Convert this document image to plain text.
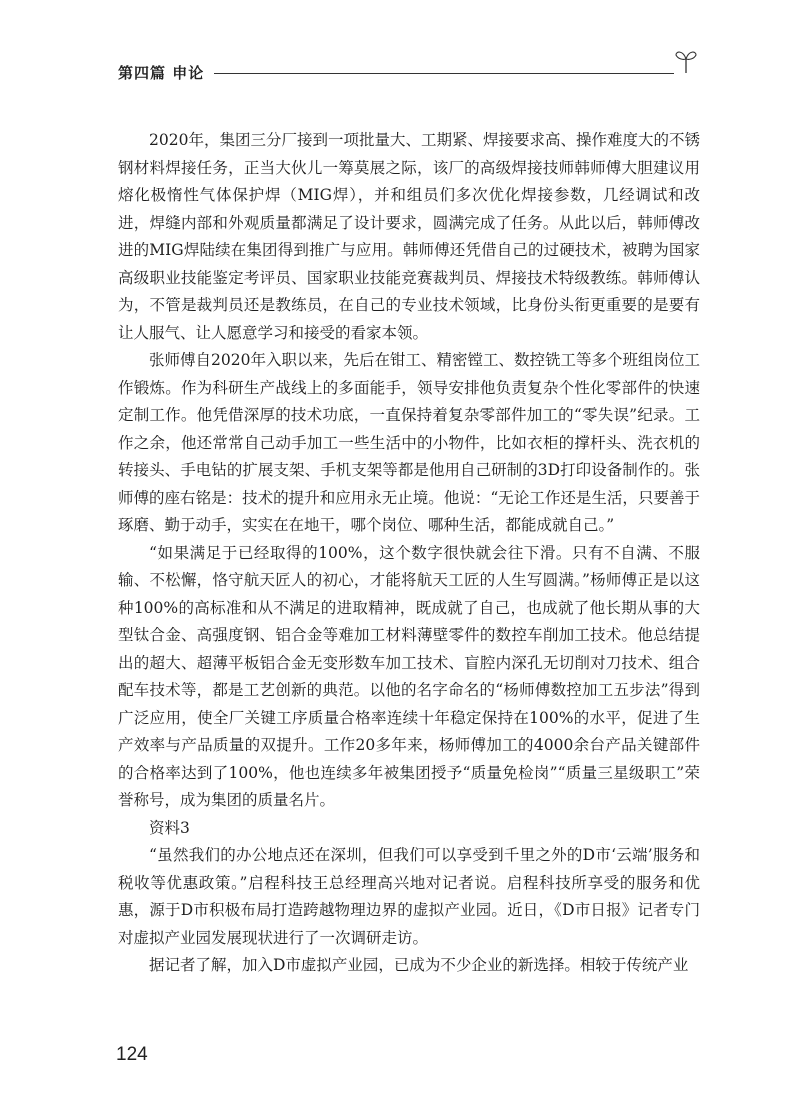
第四篇 申论

2020年，集团三分厂接到一项批量大、工期紧、焊接要求高、操作难度大的不锈钢材料焊接任务，正当大伙儿一筹莫展之际，该厂的高级焊接技师韩师傅大胆建议用熔化极惰性气体保护焊（MIG焊），并和组员们多次优化焊接参数，几经调试和改进，焊缝内部和外观质量都满足了设计要求，圆满完成了任务。从此以后，韩师傅改进的MIG焊陆续在集团得到推广与应用。韩师傅还凭借自己的过硬技术，被聘为国家高级职业技能鉴定考评员、国家职业技能竞赛裁判员、焊接技术特级教练。韩师傅认为，不管是裁判员还是教练员，在自己的专业技术领域，比身份头衔更重要的是要有让人服气、让人愿意学习和接受的看家本领。

张师傅自2020年入职以来，先后在钳工、精密镗工、数控铣工等多个班组岗位工作锻炼。作为科研生产战线上的多面能手，领导安排他负责复杂个性化零部件的快速定制工作。他凭借深厚的技术功底，一直保持着复杂零部件加工的“零失误”纪录。工作之余，他还常常自己动手加工一些生活中的小物件，比如衣柜的撑杆头、洗衣机的转接头、手电钻的扩展支架、手机支架等都是他用自己研制的3D打印设备制作的。张师傅的座右铭是：技术的提升和应用永无止境。他说：“无论工作还是生活，只要善于琢磨、勤于动手，实实在在地干，哪个岗位、哪种生活，都能成就自己。”

“如果满足于已经取得的100%，这个数字很快就会往下滑。只有不自满、不服输、不松懈，恪守航天匠人的初心，才能将航天工匠的人生写圆满。”杨师傅正是以这种100%的高标准和从不满足的进取精神，既成就了自己，也成就了他长期从事的大型钛合金、高强度钢、铝合金等难加工材料薄壁零件的数控车削加工技术。他总结提出的超大、超薄平板铝合金无变形数车加工技术、盲腔内深孔无切削对刀技术、组合配车技术等，都是工艺创新的典范。以他的名字命名的“杨师傅数控加工五步法”得到广泛应用，使全厂关键工序质量合格率连续十年稳定保持在100%的水平，促进了生产效率与产品质量的双提升。工作20多年来，杨师傅加工的4000余台产品关键部件的合格率达到了100%，他也连续多年被集团授予“质量免检岗”“质量三星级职工”荣誉称号，成为集团的质量名片。

资料3

“虽然我们的办公地点还在深圳，但我们可以享受到千里之外的D市‘云端’服务和税收等优惠政策。”启程科技王总经理高兴地对记者说。启程科技所享受的服务和优惠，源于D市积极布局打造跨越物理边界的虚拟产业园。近日，《D市日报》记者专门对虚拟产业园发展现状进行了一次调研走访。

据记者了解，加入D市虚拟产业园，已成为不少企业的新选择。相较于传统产业

124
